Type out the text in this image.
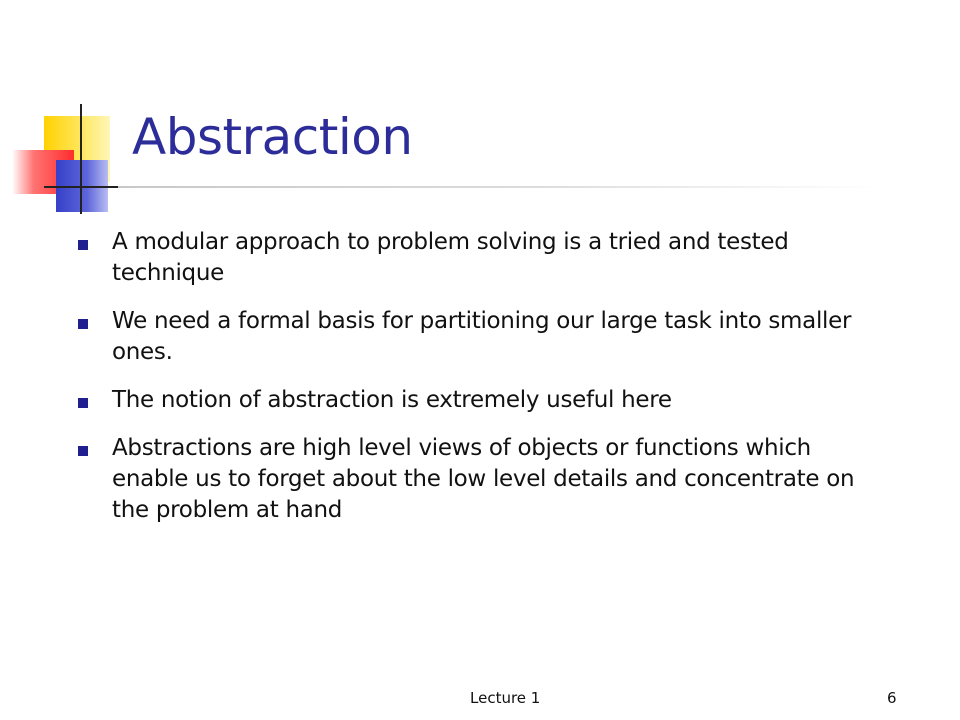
Abstraction
A modular approach to problem solving is a tried and tested technique
We need a formal basis for partitioning our large task into smaller ones.
The notion of abstraction is extremely useful here
Abstractions are high level views of objects or functions which enable us to forget about the low level details and concentrate on the problem at hand
Lecture 1	6
